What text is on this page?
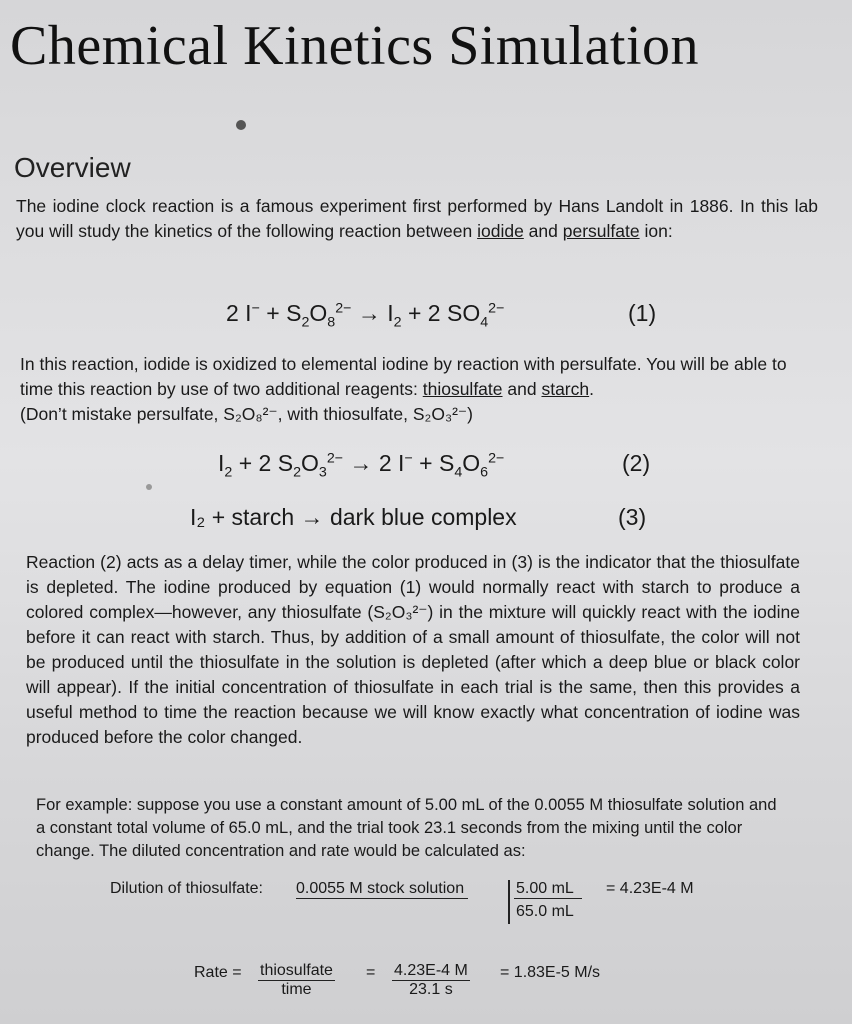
Chemical Kinetics Simulation
Overview
The iodine clock reaction is a famous experiment first performed by Hans Landolt in 1886. In this lab you will study the kinetics of the following reaction between iodide and persulfate ion:
2 $I^- + S_2O_8^{2-} \to I_2 + 2$ $SO_4^{2-}$	(1)
In this reaction, iodide is oxidized to elemental iodine by reaction with persulfate. You will be able to time this reaction by use of two additional reagents: thiosulfate and starch.
(Don’t mistake persulfate, S₂O₈²⁻, with thiosulfate, S₂O₃²⁻)
$I_2 + 2$ $S_2O_3^{2-} \to 2$ $I^- + S_4O_6^{2-}$	(2)
I₂ + starch → dark blue complex	(3)
Reaction (2) acts as a delay timer, while the color produced in (3) is the indicator that the thiosulfate is depleted. The iodine produced by equation (1) would normally react with starch to produce a colored complex—however, any thiosulfate (S₂O₃²⁻) in the mixture will quickly react with the iodine before it can react with starch. Thus, by addition of a small amount of thiosulfate, the color will not be produced until the thiosulfate in the solution is depleted (after which a deep blue or black color will appear). If the initial concentration of thiosulfate in each trial is the same, then this provides a useful method to time the reaction because we will know exactly what concentration of iodine was produced before the color changed.
For example: suppose you use a constant amount of 5.00 mL of the 0.0055 M thiosulfate solution and a constant total volume of 65.0 mL, and the trial took 23.1 seconds from the mixing until the color change. The diluted concentration and rate would be calculated as:
Dilution of thiosulfate: 0.0055 M stock solution	5.00 mL
65.0 mL
= 4.23E-4 M
Rate = thiosulfate
time
= $\frac{4.23E-4 M}{23.1 s} = 1.83E-5$ M/s
